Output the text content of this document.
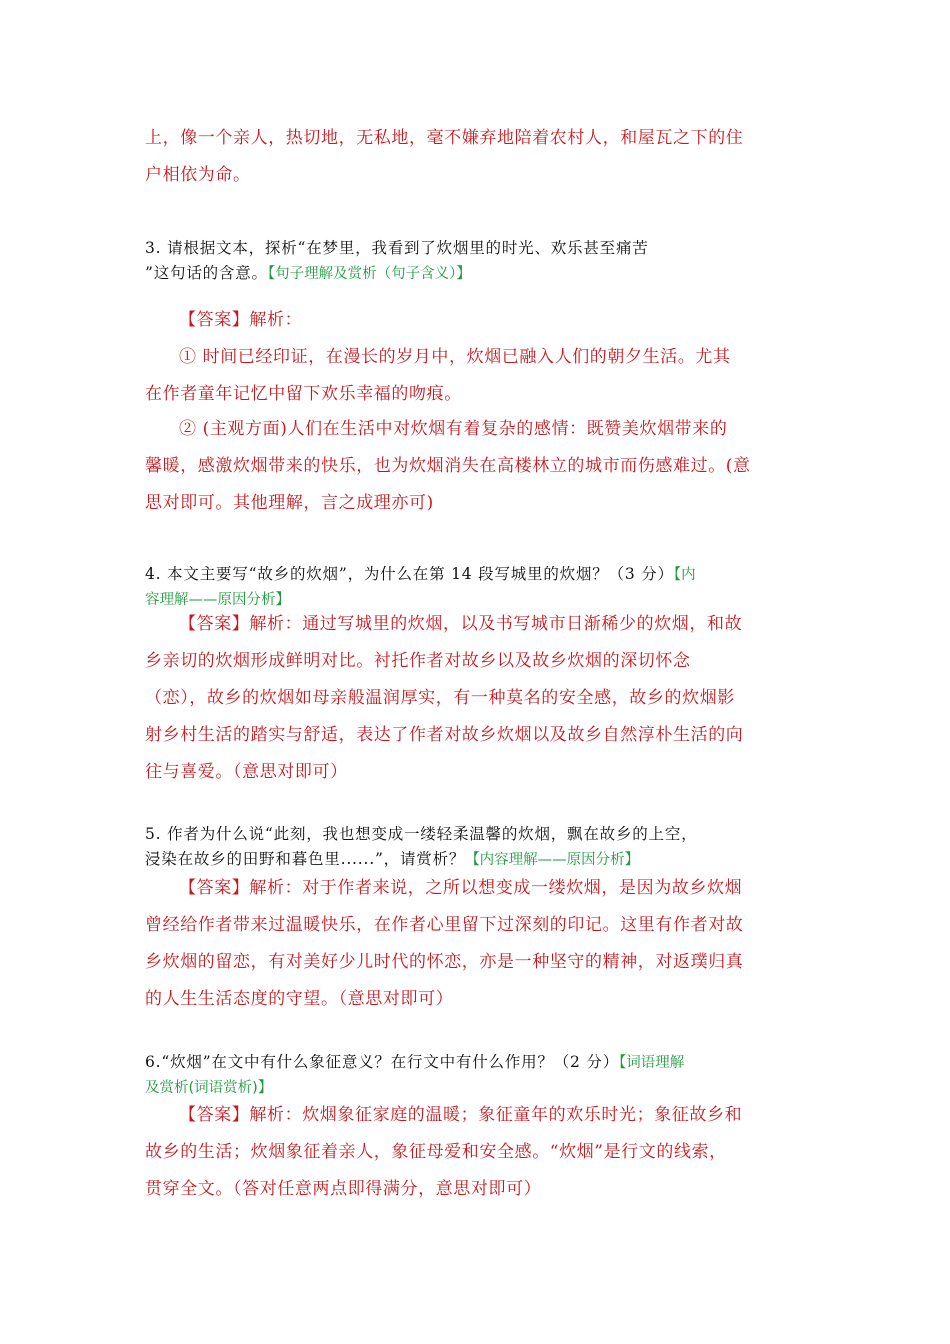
上，像一个亲人，热切地，无私地，毫不嫌弃地陪着农村人，和屋瓦之下的住
户相依为命。
3. 请根据文本，探析“在梦里，我看到了炊烟里的时光、欢乐甚至痛苦
”这句话的含意。【句子理解及赏析（句子含义）】
【答案】解析：
① 时间已经印证，在漫长的岁月中，炊烟已融入人们的朝夕生活。尤其
在作者童年记忆中留下欢乐幸福的吻痕。
② (主观方面)人们在生活中对炊烟有着复杂的感情：既赞美炊烟带来的
馨暖，感激炊烟带来的快乐，也为炊烟消失在高楼林立的城市而伤感难过。(意
思对即可。其他理解，言之成理亦可)
4. 本文主要写“故乡的炊烟”，为什么在第 14 段写城里的炊烟？（3 分）【内
容理解——原因分析】
【答案】解析：通过写城里的炊烟，以及书写城市日渐稀少的炊烟，和故
乡亲切的炊烟形成鲜明对比。衬托作者对故乡以及故乡炊烟的深切怀念
（恋），故乡的炊烟如母亲般温润厚实，有一种莫名的安全感，故乡的炊烟影
射乡村生活的踏实与舒适，表达了作者对故乡炊烟以及故乡自然淳朴生活的向
往与喜爱。（意思对即可）
5. 作者为什么说“此刻，我也想变成一缕轻柔温馨的炊烟，飘在故乡的上空，
浸染在故乡的田野和暮色里......”，请赏析？【内容理解——原因分析】
【答案】解析：对于作者来说，之所以想变成一缕炊烟，是因为故乡炊烟
曾经给作者带来过温暖快乐，在作者心里留下过深刻的印记。这里有作者对故
乡炊烟的留恋，有对美好少儿时代的怀恋，亦是一种坚守的精神，对返璞归真
的人生生活态度的守望。（意思对即可）
6.“炊烟”在文中有什么象征意义？在行文中有什么作用？（2 分）【词语理解
及赏析(词语赏析)】
【答案】解析：炊烟象征家庭的温暖；象征童年的欢乐时光；象征故乡和
故乡的生活；炊烟象征着亲人，象征母爱和安全感。“炊烟”是行文的线索，
贯穿全文。（答对任意两点即得满分，意思对即可）
